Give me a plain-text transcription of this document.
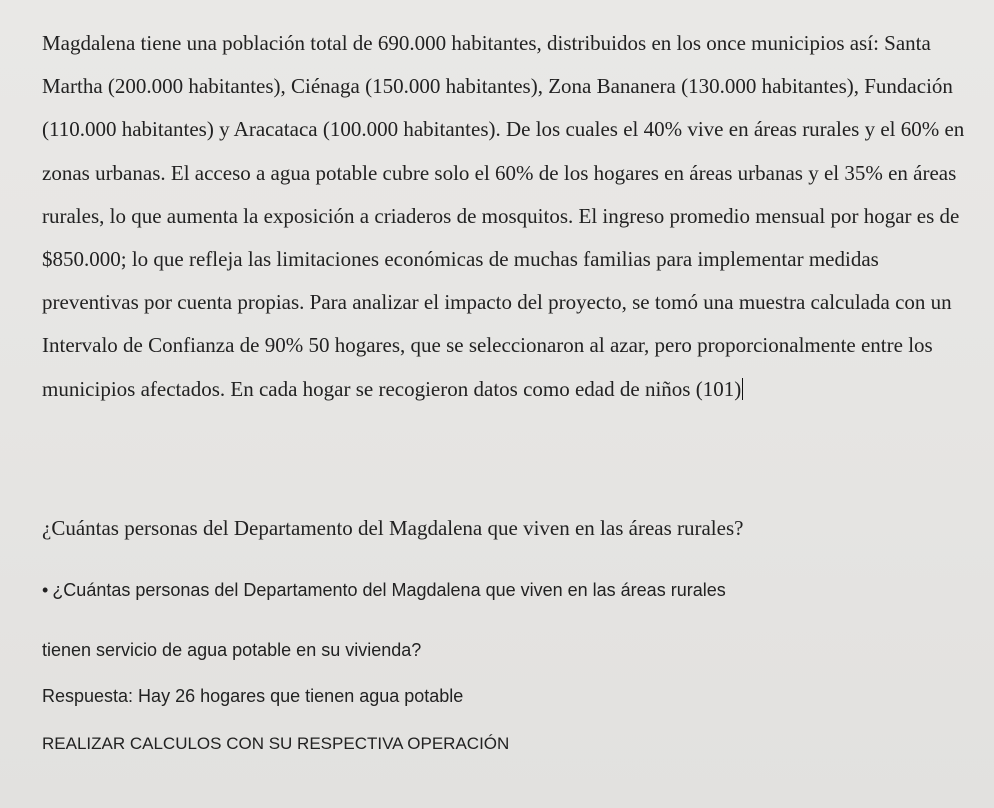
Magdalena tiene una población total de 690.000 habitantes, distribuidos en los once municipios así: Santa Martha (200.000 habitantes), Ciénaga (150.000 habitantes), Zona Bananera (130.000 habitantes), Fundación (110.000 habitantes) y Aracataca (100.000 habitantes). De los cuales el 40% vive en áreas rurales y el 60% en zonas urbanas. El acceso a agua potable cubre solo el 60% de los hogares en áreas urbanas y el 35% en áreas rurales, lo que aumenta la exposición a criaderos de mosquitos. El ingreso promedio mensual por hogar es de $850.000; lo que refleja las limitaciones económicas de muchas familias para implementar medidas preventivas por cuenta propias. Para analizar el impacto del proyecto, se tomó una muestra calculada con un Intervalo de Confianza de 90% 50 hogares, que se seleccionaron al azar, pero proporcionalmente entre los municipios afectados. En cada hogar se recogieron datos como edad de niños (101)

¿Cuántas personas del Departamento del Magdalena que viven en las áreas rurales?

• ¿Cuántas personas del Departamento del Magdalena que viven en las áreas rurales

tienen servicio de agua potable en su vivienda?

Respuesta: Hay 26 hogares que tienen agua potable

REALIZAR CALCULOS CON SU RESPECTIVA OPERACIÓN
